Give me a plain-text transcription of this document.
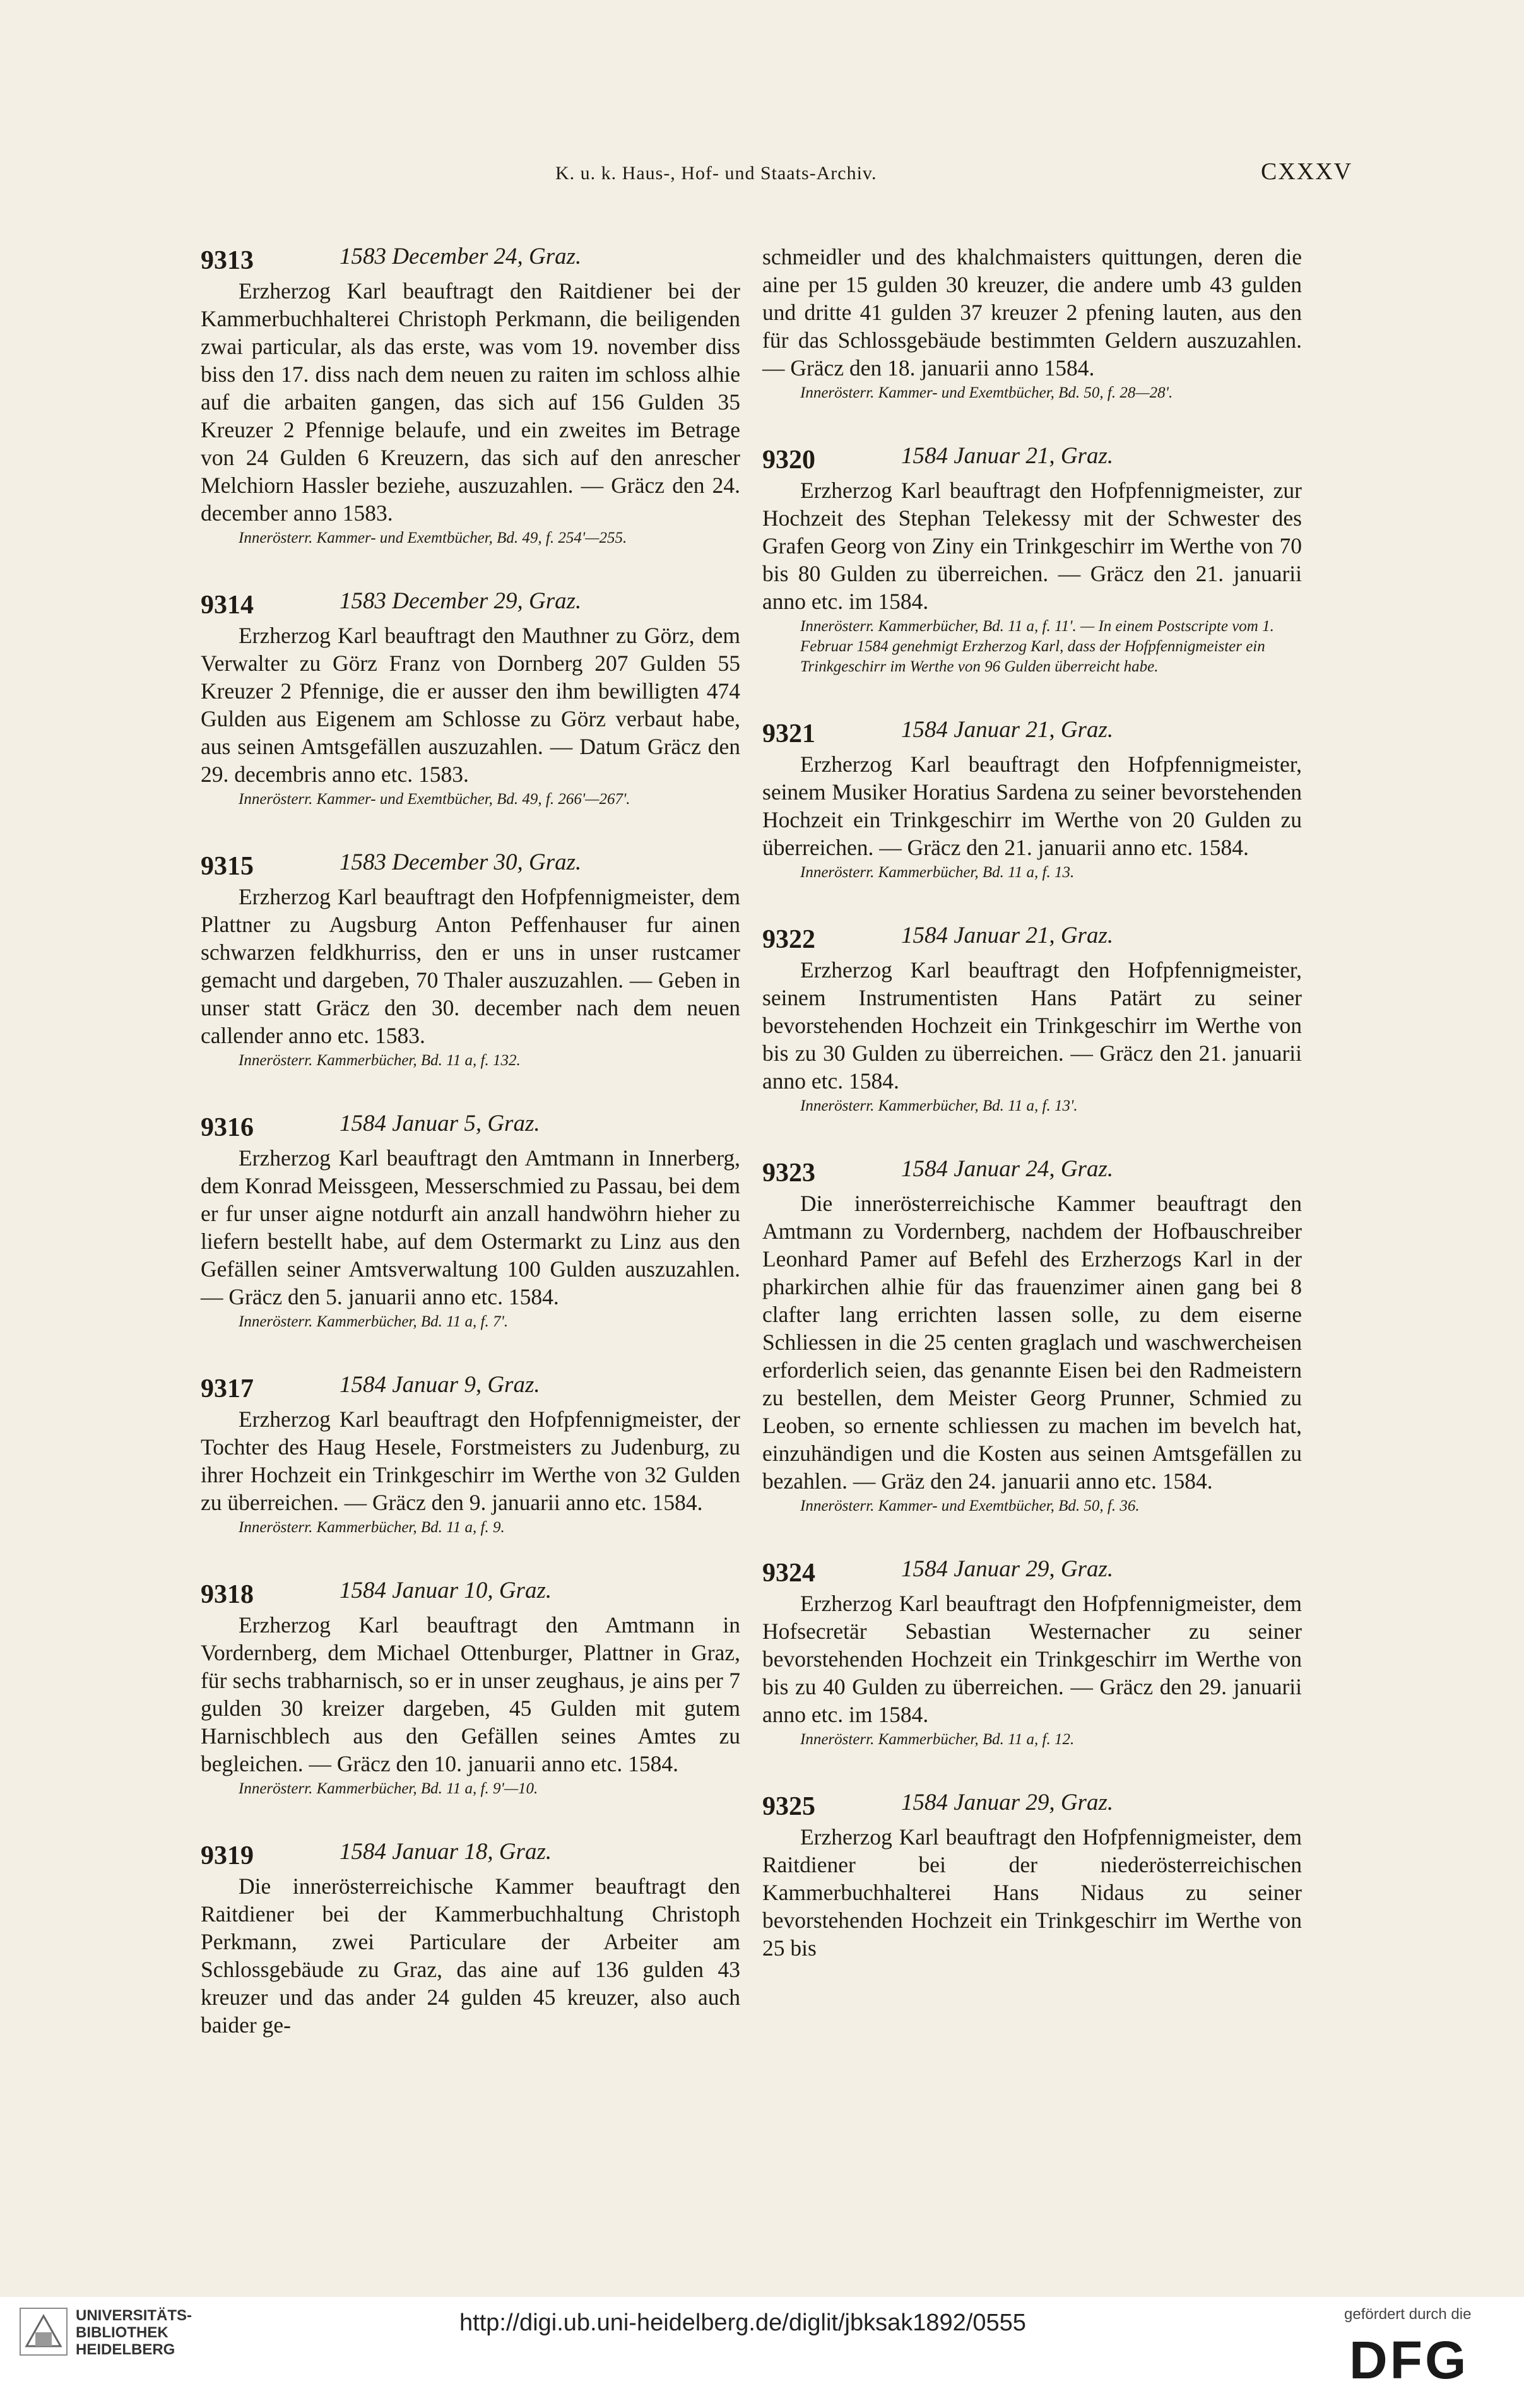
K. u. k. Haus-, Hof- und Staats-Archiv.	CXXXV
9313	1583 December 24, Graz.
Erzherzog Karl beauftragt den Raitdiener bei der Kammerbuchhalterei Christoph Perkmann, die beiligenden zwai particular, als das erste, was vom 19. november diss biss den 17. diss nach dem neuen zu raiten im schloss alhie auf die arbaiten gangen, das sich auf 156 Gulden 35 Kreuzer 2 Pfennige belaufe, und ein zweites im Betrage von 24 Gulden 6 Kreuzern, das sich auf den anrescher Melchiorn Hassler beziehe, auszuzahlen. — Gräcz den 24. december anno 1583.
Innerösterr. Kammer- und Exemtbücher, Bd. 49, f. 254'—255.
9314	1583 December 29, Graz.
Erzherzog Karl beauftragt den Mauthner zu Görz, dem Verwalter zu Görz Franz von Dornberg 207 Gulden 55 Kreuzer 2 Pfennige, die er ausser den ihm bewilligten 474 Gulden aus Eigenem am Schlosse zu Görz verbaut habe, aus seinen Amtsgefällen auszuzahlen. — Datum Gräcz den 29. decembris anno etc. 1583.
Innerösterr. Kammer- und Exemtbücher, Bd. 49, f. 266'—267'.
9315	1583 December 30, Graz.
Erzherzog Karl beauftragt den Hofpfennigmeister, dem Plattner zu Augsburg Anton Peffenhauser fur ainen schwarzen feldkhurriss, den er uns in unser rustcamer gemacht und dargeben, 70 Thaler auszuzahlen. — Geben in unser statt Gräcz den 30. december nach dem neuen callender anno etc. 1583.
Innerösterr. Kammerbücher, Bd. 11 a, f. 132.
9316	1584 Januar 5, Graz.
Erzherzog Karl beauftragt den Amtmann in Innerberg, dem Konrad Meissgeen, Messerschmied zu Passau, bei dem er fur unser aigne notdurft ain anzall handwöhrn hieher zu liefern bestellt habe, auf dem Ostermarkt zu Linz aus den Gefällen seiner Amtsverwaltung 100 Gulden auszuzahlen. — Gräcz den 5. januarii anno etc. 1584.
Innerösterr. Kammerbücher, Bd. 11 a, f. 7'.
9317	1584 Januar 9, Graz.
Erzherzog Karl beauftragt den Hofpfennigmeister, der Tochter des Haug Hesele, Forstmeisters zu Judenburg, zu ihrer Hochzeit ein Trinkgeschirr im Werthe von 32 Gulden zu überreichen. — Gräcz den 9. januarii anno etc. 1584.
Innerösterr. Kammerbücher, Bd. 11 a, f. 9.
9318	1584 Januar 10, Graz.
Erzherzog Karl beauftragt den Amtmann in Vordernberg, dem Michael Ottenburger, Plattner in Graz, für sechs trabharnisch, so er in unser zeughaus, je ains per 7 gulden 30 kreizer dargeben, 45 Gulden mit gutem Harnischblech aus den Gefällen seines Amtes zu begleichen. — Gräcz den 10. januarii anno etc. 1584.
Innerösterr. Kammerbücher, Bd. 11 a, f. 9'—10.
9319	1584 Januar 18, Graz.
Die innerösterreichische Kammer beauftragt den Raitdiener bei der Kammerbuchhaltung Christoph Perkmann, zwei Particulare der Arbeiter am Schlossgebäude zu Graz, das aine auf 136 gulden 43 kreuzer und das ander 24 gulden 45 kreuzer, also auch baider ge-
schmeidler und des khalchmaisters quittungen, deren die aine per 15 gulden 30 kreuzer, die andere umb 43 gulden und dritte 41 gulden 37 kreuzer 2 pfening lauten, aus den für das Schlossgebäude bestimmten Geldern auszuzahlen. — Gräcz den 18. januarii anno 1584.
Innerösterr. Kammer- und Exemtbücher, Bd. 50, f. 28—28'.
9320	1584 Januar 21, Graz.
Erzherzog Karl beauftragt den Hofpfennigmeister, zur Hochzeit des Stephan Telekessy mit der Schwester des Grafen Georg von Ziny ein Trinkgeschirr im Werthe von 70 bis 80 Gulden zu überreichen. — Gräcz den 21. januarii anno etc. im 1584.
Innerösterr. Kammerbücher, Bd. 11 a, f. 11'. — In einem Postscripte vom 1. Februar 1584 genehmigt Erzherzog Karl, dass der Hofpfennigmeister ein Trinkgeschirr im Werthe von 96 Gulden überreicht habe.
9321	1584 Januar 21, Graz.
Erzherzog Karl beauftragt den Hofpfennigmeister, seinem Musiker Horatius Sardena zu seiner bevorstehenden Hochzeit ein Trinkgeschirr im Werthe von 20 Gulden zu überreichen. — Gräcz den 21. januarii anno etc. 1584.
Innerösterr. Kammerbücher, Bd. 11 a, f. 13.
9322	1584 Januar 21, Graz.
Erzherzog Karl beauftragt den Hofpfennigmeister, seinem Instrumentisten Hans Patärt zu seiner bevorstehenden Hochzeit ein Trinkgeschirr im Werthe von bis zu 30 Gulden zu überreichen. — Gräcz den 21. januarii anno etc. 1584.
Innerösterr. Kammerbücher, Bd. 11 a, f. 13'.
9323	1584 Januar 24, Graz.
Die innerösterreichische Kammer beauftragt den Amtmann zu Vordernberg, nachdem der Hofbauschreiber Leonhard Pamer auf Befehl des Erzherzogs Karl in der pharkirchen alhie für das frauenzimer ainen gang bei 8 clafter lang errichten lassen solle, zu dem eiserne Schliessen in die 25 centen graglach und waschwercheisen erforderlich seien, das genannte Eisen bei den Radmeistern zu bestellen, dem Meister Georg Prunner, Schmied zu Leoben, so ernente schliessen zu machen im bevelch hat, einzuhändigen und die Kosten aus seinen Amtsgefällen zu bezahlen. — Gräz den 24. januarii anno etc. 1584.
Innerösterr. Kammer- und Exemtbücher, Bd. 50, f. 36.
9324	1584 Januar 29, Graz.
Erzherzog Karl beauftragt den Hofpfennigmeister, dem Hofsecretär Sebastian Westernacher zu seiner bevorstehenden Hochzeit ein Trinkgeschirr im Werthe von bis zu 40 Gulden zu überreichen. — Gräcz den 29. januarii anno etc. im 1584.
Innerösterr. Kammerbücher, Bd. 11 a, f. 12.
9325	1584 Januar 29, Graz.
Erzherzog Karl beauftragt den Hofpfennigmeister, dem Raitdiener bei der niederösterreichischen Kammerbuchhalterei Hans Nidaus zu seiner bevorstehenden Hochzeit ein Trinkgeschirr im Werthe von 25 bis
UNIVERSITÄTS-
BIBLIOTHEK
HEIDELBERG
http://digi.ub.uni-heidelberg.de/diglit/jbksak1892/0555	gefördert durch die
DFG
